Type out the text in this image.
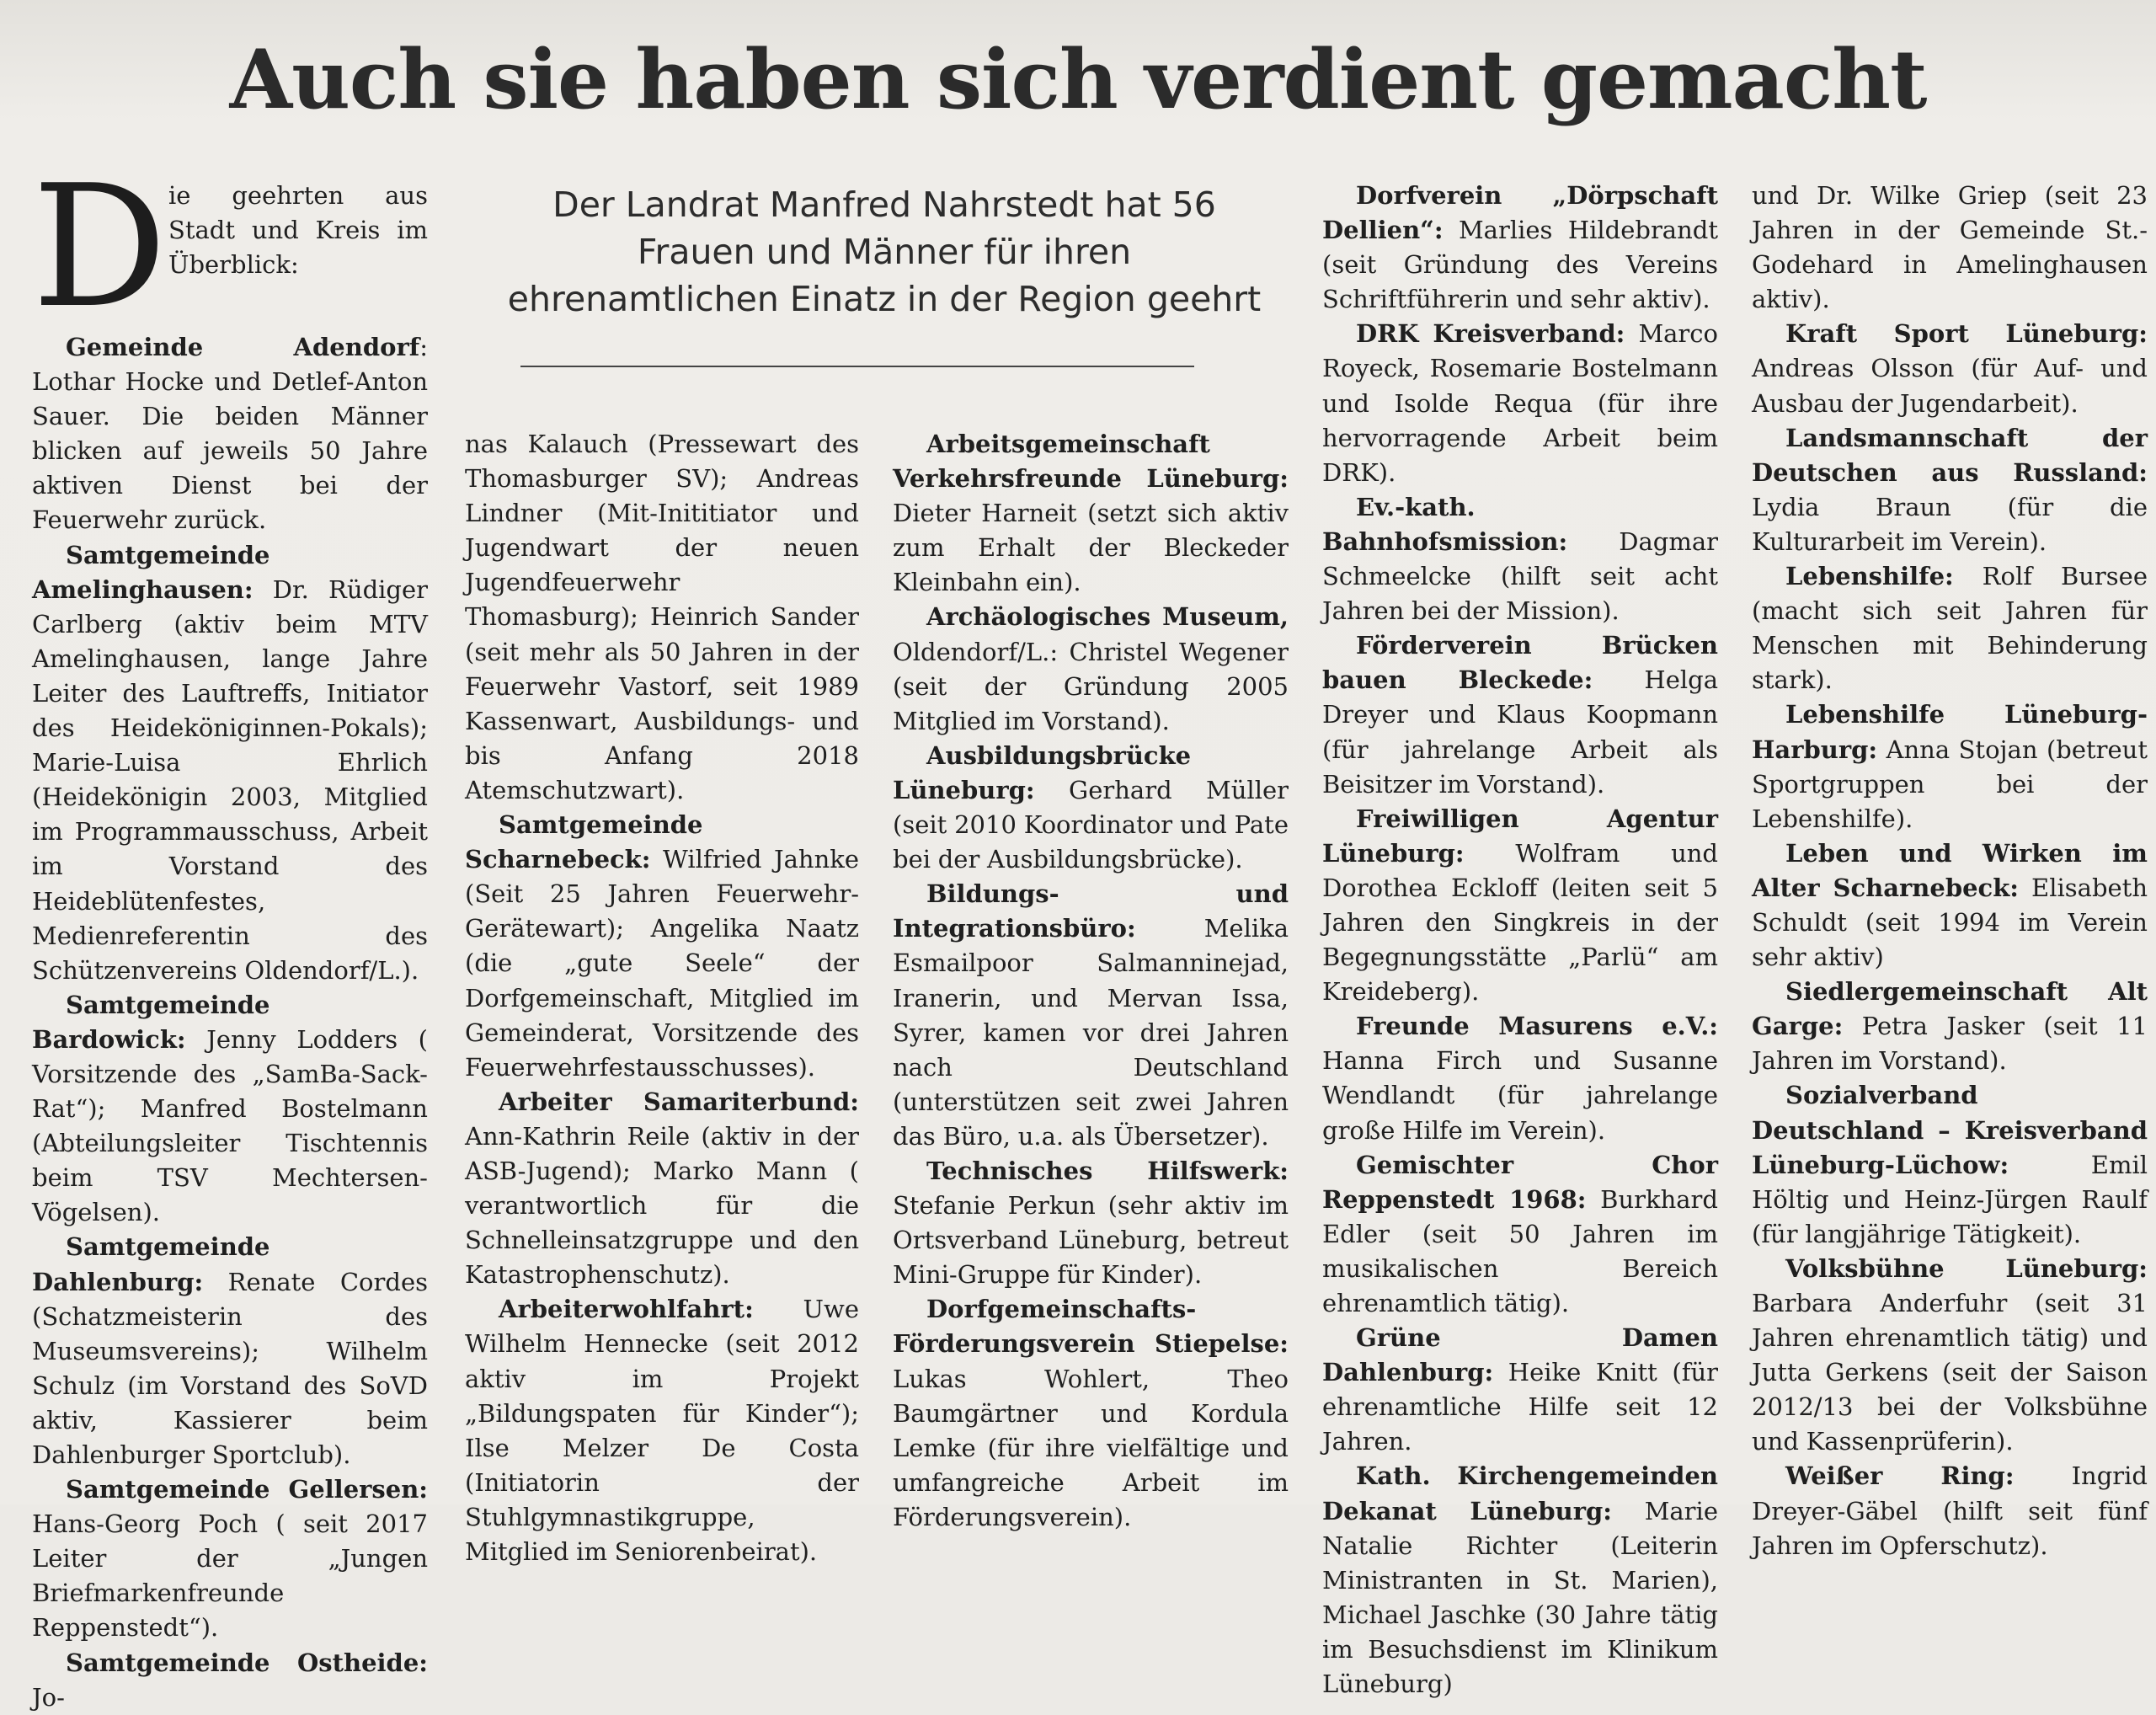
Auch sie haben sich verdient gemacht
D ie geehrten aus Stadt und Kreis im Überblick:
Der Landrat Manfred Nahrstedt hat 56 Frauen und Männer für ihren ehrenamtlichen Einatz in der Region geehrt

Gemeinde Adendorf: Lothar Hocke und Detlef-Anton Sauer. Die beiden Männer blicken auf jeweils 50 Jahre aktiven Dienst bei der Feuerwehr zurück.

Samtgemeinde Amelinghausen: Dr. Rüdiger Carlberg (aktiv beim MTV Amelinghausen, lange Jahre Leiter des Lauftreffs, Initiator des Heideköniginnen-Pokals); Marie-Luisa Ehrlich (Heidekönigin 2003, Mitglied im Programmausschuss, Arbeit im Vorstand des Heideblütenfestes, Medienreferentin des Schützenvereins Oldendorf/L.).

Samtgemeinde Bardowick: Jenny Lodders ( Vorsitzende des „SamBa-Sack-Rat“); Manfred Bostelmann (Abteilungsleiter Tischtennis beim TSV Mechtersen-Vögelsen).

Samtgemeinde Dahlenburg: Renate Cordes (Schatzmeisterin des Museumsvereins); Wilhelm Schulz (im Vorstand des SoVD aktiv, Kassierer beim Dahlenburger Sportclub).

Samtgemeinde Gellersen: Hans-Georg Poch ( seit 2017 Leiter der „Jungen Briefmarkenfreunde Reppenstedt“).

Samtgemeinde Ostheide: Jo-

nas Kalauch (Pressewart des Thomasburger SV); Andreas Lindner (Mit-Inititiator und Jugendwart der neuen Jugendfeuerwehr Thomasburg); Heinrich Sander (seit mehr als 50 Jahren in der Feuerwehr Vastorf, seit 1989 Kassenwart, Ausbildungs- und bis Anfang 2018 Atemschutzwart).

Samtgemeinde Scharnebeck: Wilfried Jahnke (Seit 25 Jahren Feuerwehr-Gerätewart); Angelika Naatz (die „gute Seele“ der Dorfgemeinschaft, Mitglied im Gemeinderat, Vorsitzende des Feuerwehrfestausschusses).

Arbeiter Samariterbund: Ann-Kathrin Reile (aktiv in der ASB-Jugend); Marko Mann ( verantwortlich für die Schnelleinsatzgruppe und den Katastrophenschutz).

Arbeiterwohlfahrt: Uwe Wilhelm Hennecke (seit 2012 aktiv im Projekt „Bildungspaten für Kinder“); Ilse Melzer De Costa (Initiatorin der Stuhlgymnastikgruppe, Mitglied im Seniorenbeirat).

Arbeitsgemeinschaft Verkehrsfreunde Lüneburg: Dieter Harneit (setzt sich aktiv zum Erhalt der Bleckeder Kleinbahn ein).

Archäologisches Museum, Oldendorf/L.: Christel Wegener (seit der Gründung 2005 Mitglied im Vorstand).

Ausbildungsbrücke Lüneburg: Gerhard Müller (seit 2010 Koordinator und Pate bei der Ausbildungsbrücke).

Bildungs- und Integrationsbüro: Melika Esmailpoor Salmanninejad, Iranerin, und Mervan Issa, Syrer, kamen vor drei Jahren nach Deutschland (unterstützen seit zwei Jahren das Büro, u.a. als Übersetzer).

Technisches Hilfswerk: Stefanie Perkun (sehr aktiv im Ortsverband Lüneburg, betreut Mini-Gruppe für Kinder).

Dorfgemeinschafts-Förderungsverein Stiepelse: Lukas Wohlert, Theo Baumgärtner und Kordula Lemke (für ihre vielfältige und umfangreiche Arbeit im Förderungsverein).

Dorfverein „Dörpschaft Dellien“: Marlies Hildebrandt (seit Gründung des Vereins Schriftführerin und sehr aktiv).

DRK Kreisverband: Marco Royeck, Rosemarie Bostelmann und Isolde Requa (für ihre hervorragende Arbeit beim DRK).

Ev.-kath. Bahnhofsmission: Dagmar Schmeelcke (hilft seit acht Jahren bei der Mission).

Förderverein Brücken bauen Bleckede: Helga Dreyer und Klaus Koopmann (für jahrelange Arbeit als Beisitzer im Vorstand).

Freiwilligen Agentur Lüneburg: Wolfram und Dorothea Eckloff (leiten seit 5 Jahren den Singkreis in der Begegnungsstätte „Parlü“ am Kreideberg).

Freunde Masurens e.V.: Hanna Firch und Susanne Wendlandt (für jahrelange große Hilfe im Verein).

Gemischter Chor Reppenstedt 1968: Burkhard Edler (seit 50 Jahren im musikalischen Bereich ehrenamtlich tätig).

Grüne Damen Dahlenburg: Heike Knitt (für ehrenamtliche Hilfe seit 12 Jahren.

Kath. Kirchengemeinden Dekanat Lüneburg: Marie Natalie Richter (Leiterin Ministranten in St. Marien), Michael Jaschke (30 Jahre tätig im Besuchsdienst im Klinikum Lüneburg)

und Dr. Wilke Griep (seit 23 Jahren in der Gemeinde St.-Godehard in Amelinghausen aktiv).

Kraft Sport Lüneburg: Andreas Olsson (für Auf- und Ausbau der Jugendarbeit).

Landsmannschaft der Deutschen aus Russland: Lydia Braun (für die Kulturarbeit im Verein).

Lebenshilfe: Rolf Bursee (macht sich seit Jahren für Menschen mit Behinderung stark).

Lebenshilfe Lüneburg-Harburg: Anna Stojan (betreut Sportgruppen bei der Lebenshilfe).

Leben und Wirken im Alter Scharnebeck: Elisabeth Schuldt (seit 1994 im Verein sehr aktiv)

Siedlergemeinschaft Alt Garge: Petra Jasker (seit 11 Jahren im Vorstand).

Sozialverband Deutschland – Kreisverband Lüneburg-Lüchow: Emil Höltig und Heinz-Jürgen Raulf (für langjährige Tätigkeit).

Volksbühne Lüneburg: Barbara Anderfuhr (seit 31 Jahren ehrenamtlich tätig) und Jutta Gerkens (seit der Saison 2012/13 bei der Volksbühne und Kassenprüferin).

Weißer Ring: Ingrid Dreyer-Gäbel (hilft seit fünf Jahren im Opferschutz).
